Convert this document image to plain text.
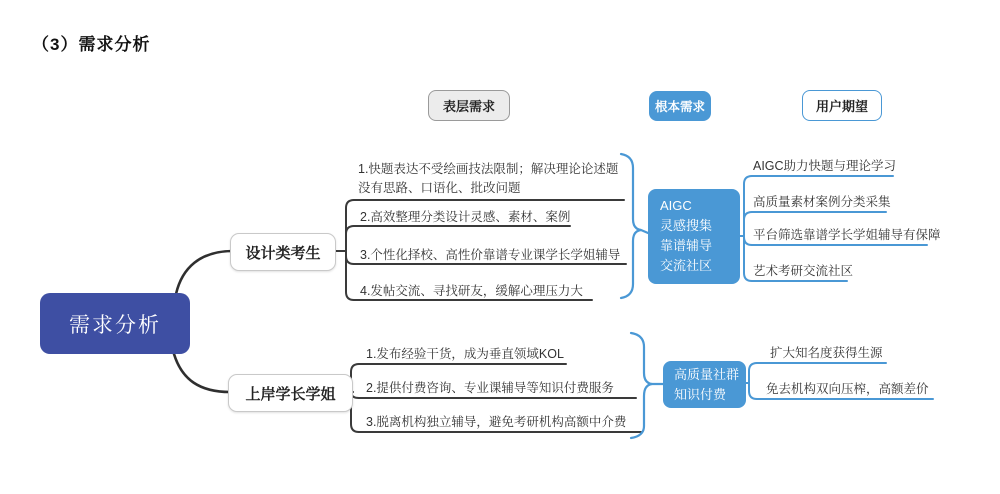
（3）需求分析
表层需求	根本需求	用户期望
需求分析
设计类考生
上岸学长学姐
1.快题表达不受绘画技法限制；解决理论论述题没有思路、口语化、批改问题
2.高效整理分类设计灵感、素材、案例
3.个性化择校、高性价靠谱专业课学长学姐辅导
4.发帖交流、寻找研友，缓解心理压力大
1.发布经验干货，成为垂直领域KOL
2.提供付费咨询、专业课辅导等知识付费服务
3.脱离机构独立辅导，避免考研机构高额中介费
AIGC
灵感搜集
靠谱辅导
交流社区
高质量社群
知识付费
AIGC助力快题与理论学习
高质量素材案例分类采集
平台筛选靠谱学长学姐辅导有保障
艺术考研交流社区
扩大知名度获得生源
免去机构双向压榨，高额差价
